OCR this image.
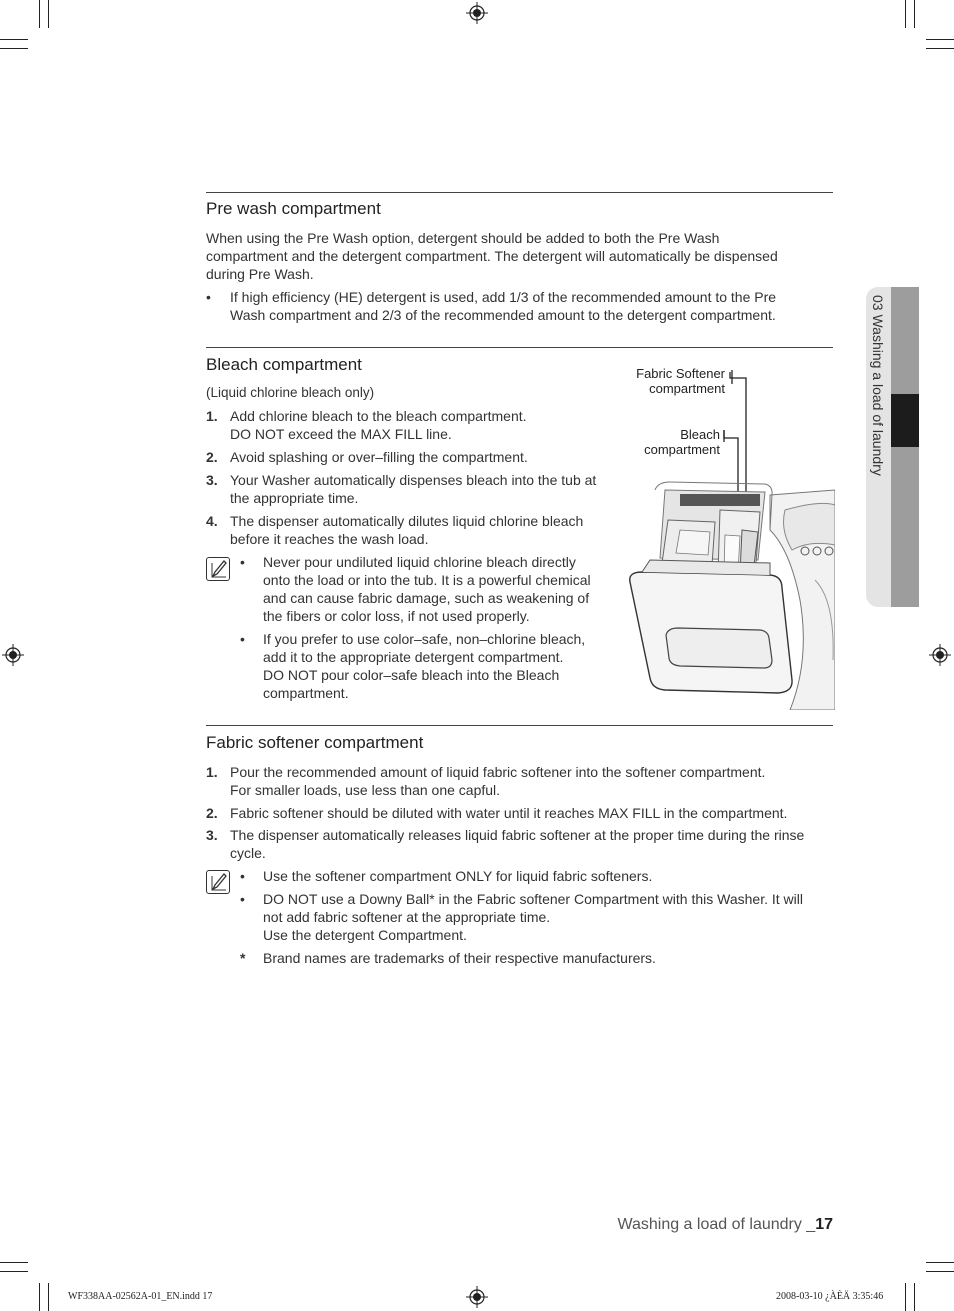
03 Washing a load of laundry
Pre wash compartment
When using the Pre Wash option, detergent should be added to both the Pre Wash
compartment and the detergent compartment. The detergent will automatically be dispensed
during Pre Wash.
• If high efficiency (HE) detergent is used, add 1/3 of the recommended amount to the Pre
Wash compartment and 2/3 of the recommended amount to the detergent compartment.
Bleach compartment
(Liquid chlorine bleach only)
1. Add chlorine bleach to the bleach compartment.
DO NOT exceed the MAX FILL line.
2. Avoid splashing or over–filling the compartment.
3. Your Washer automatically dispenses bleach into the tub at
the appropriate time.
4. The dispenser automatically dilutes liquid chlorine bleach
before it reaches the wash load.
• Never pour undiluted liquid chlorine bleach directly
onto the load or into the tub. It is a powerful chemical
and can cause fabric damage, such as weakening of
the fibers or color loss, if not used properly.
• If you prefer to use color–safe, non–chlorine bleach,
add it to the appropriate detergent compartment.
DO NOT pour color–safe bleach into the Bleach
compartment.
Fabric Softener
compartment
Bleach
compartment
Fabric softener compartment
1. Pour the recommended amount of liquid fabric softener into the softener compartment.
For smaller loads, use less than one capful.
2. Fabric softener should be diluted with water until it reaches MAX FILL in the compartment.
3. The dispenser automatically releases liquid fabric softener at the proper time during the rinse
cycle.
• Use the softener compartment ONLY for liquid fabric softeners.
• DO NOT use a Downy Ball* in the Fabric softener Compartment with this Washer. It will
not add fabric softener at the appropriate time.
Use the detergent Compartment.
* Brand names are trademarks of their respective manufacturers.
Washing a load of laundry _17
WF338AA-02562A-01_EN.indd 17	2008-03-10 ¿ÀÈÄ 3:35:46
